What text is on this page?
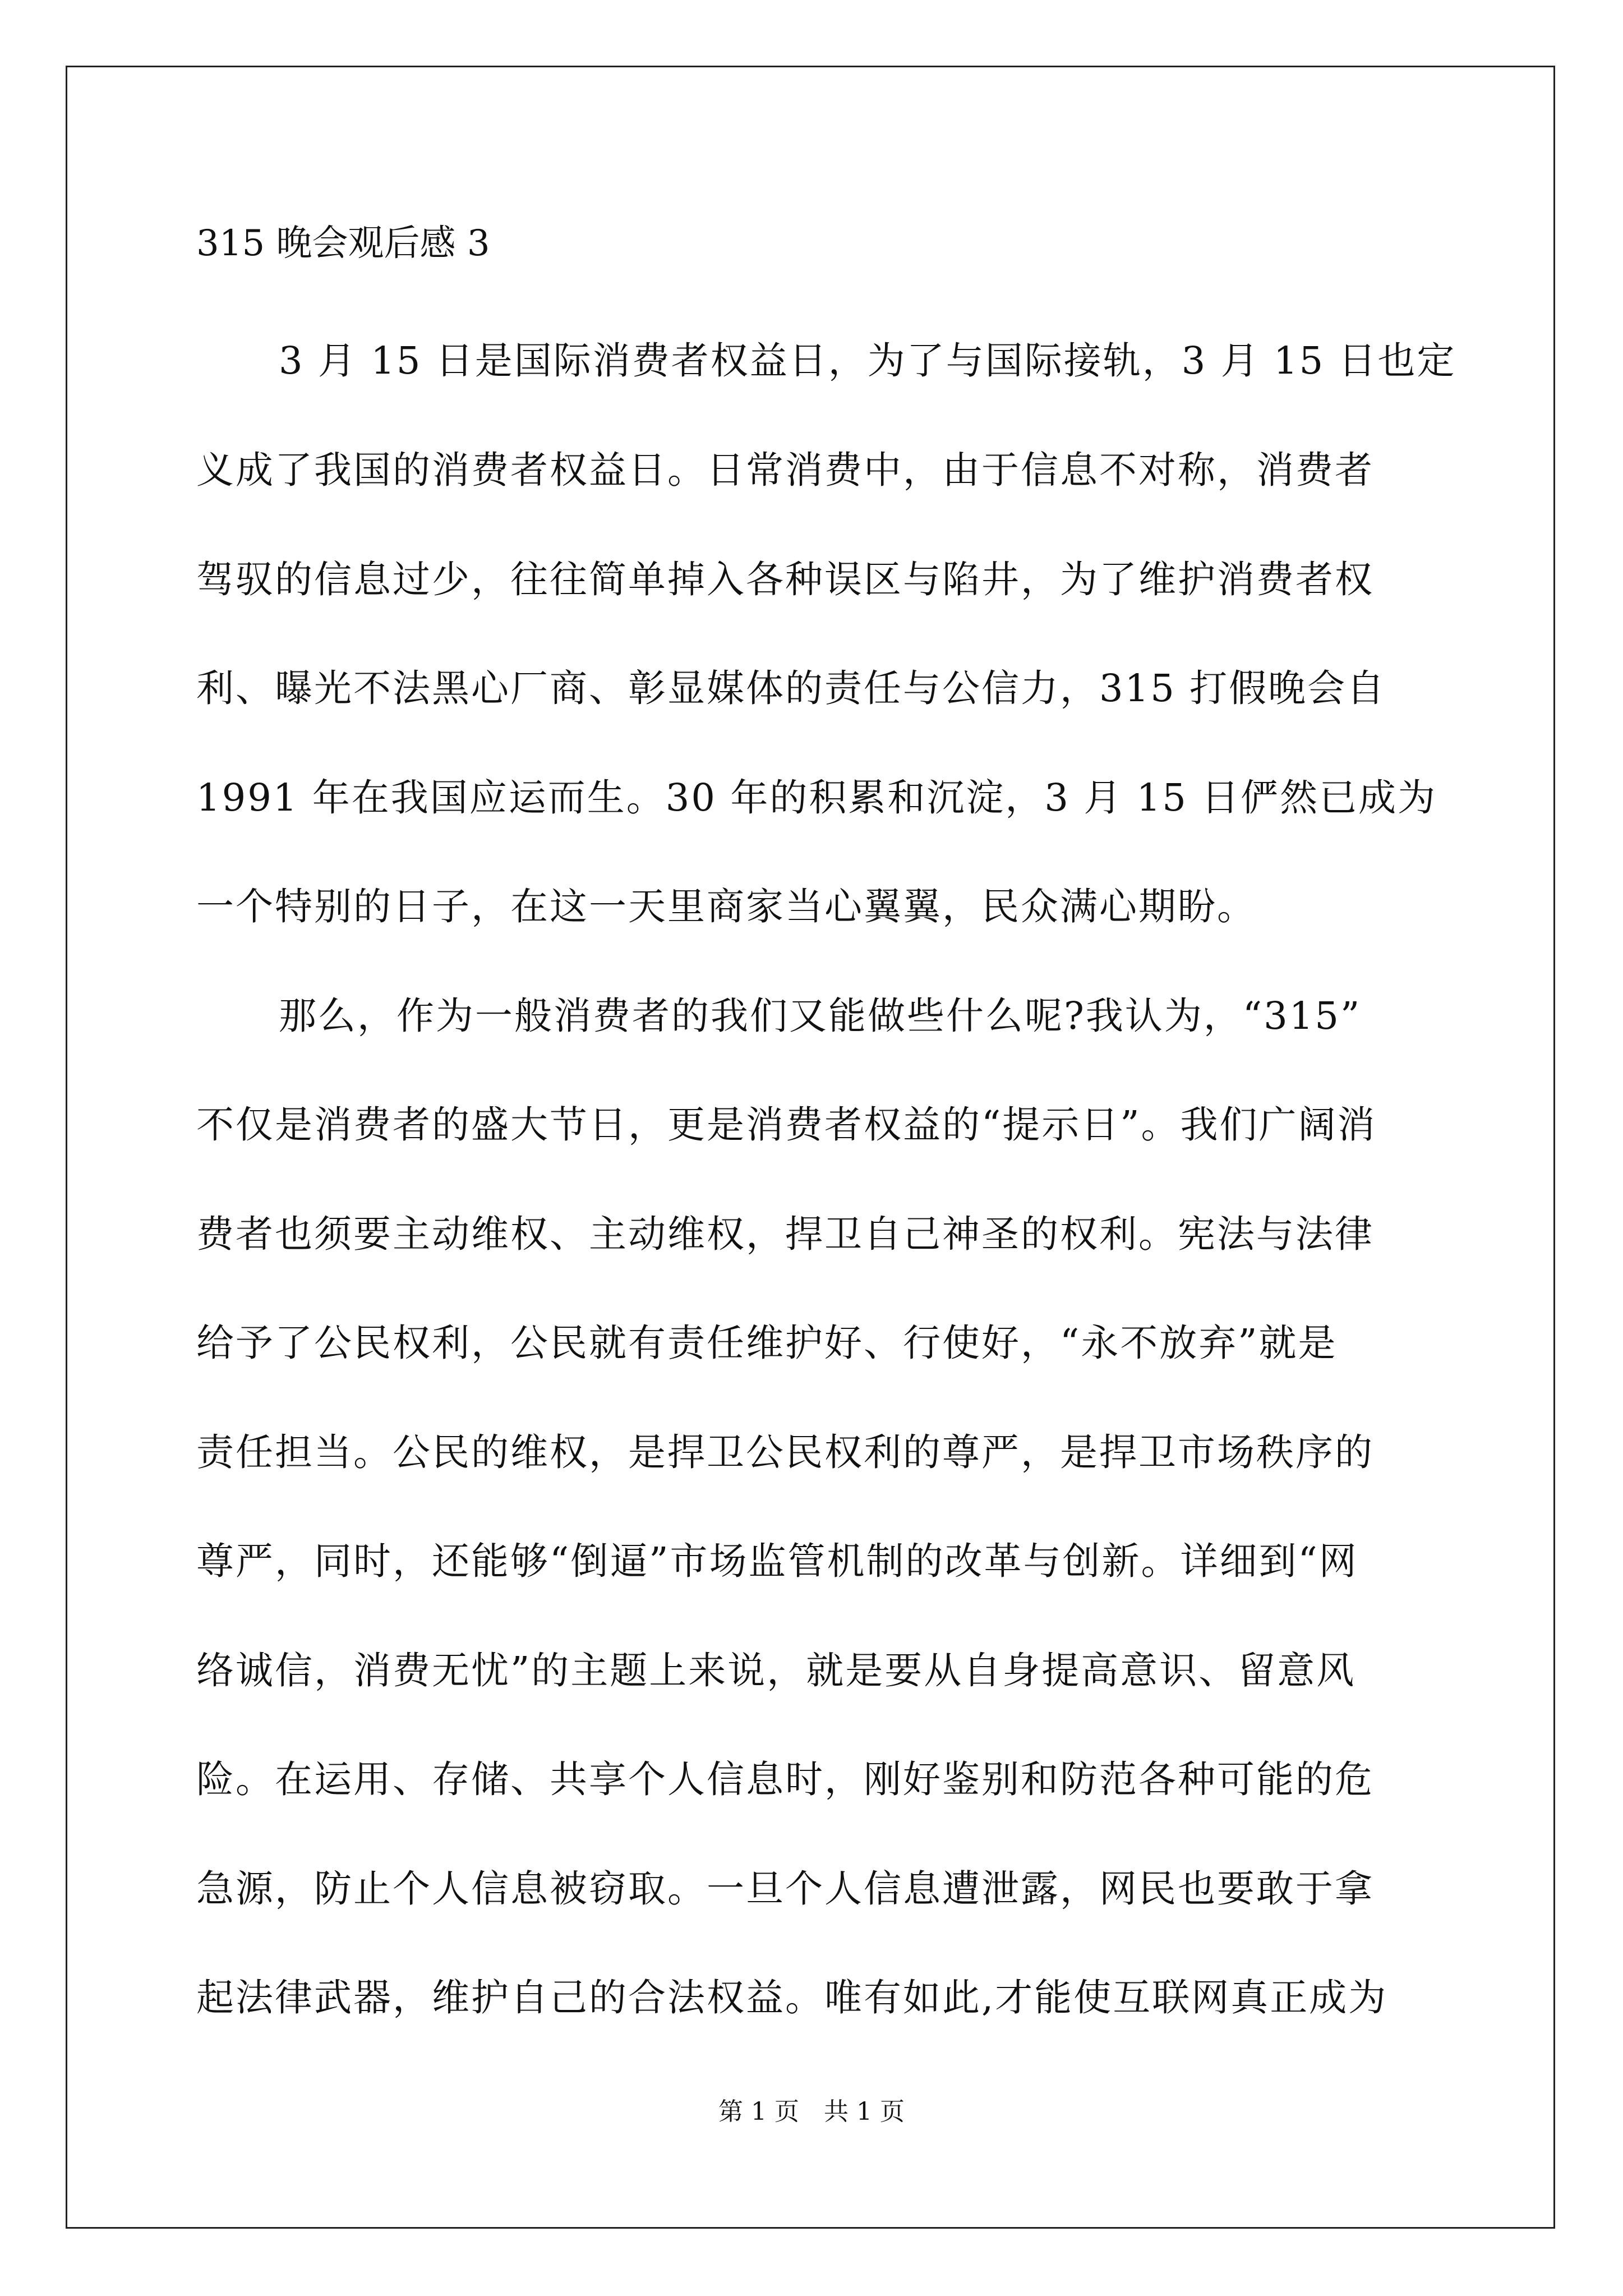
315 晚会观后感 3
3 月 15 日是国际消费者权益日，为了与国际接轨，3 月 15 日也定
义成了我国的消费者权益日。日常消费中，由于信息不对称，消费者
驾驭的信息过少，往往简单掉入各种误区与陷井，为了维护消费者权
利、曝光不法黑心厂商、彰显媒体的责任与公信力，315 打假晚会自
1991 年在我国应运而生。30 年的积累和沉淀，3 月 15 日俨然已成为
一个特别的日子，在这一天里商家当心翼翼，民众满心期盼。
那么，作为一般消费者的我们又能做些什么呢?我认为，“315”
不仅是消费者的盛大节日，更是消费者权益的“提示日”。我们广阔消
费者也须要主动维权、主动维权，捍卫自己神圣的权利。宪法与法律
给予了公民权利，公民就有责任维护好、行使好，“永不放弃”就是
责任担当。公民的维权，是捍卫公民权利的尊严，是捍卫市场秩序的
尊严，同时，还能够“倒逼”市场监管机制的改革与创新。详细到“网
络诚信，消费无忧”的主题上来说，就是要从自身提高意识、留意风
险。在运用、存储、共享个人信息时，刚好鉴别和防范各种可能的危
急源，防止个人信息被窃取。一旦个人信息遭泄露，网民也要敢于拿
起法律武器，维护自己的合法权益。唯有如此,才能使互联网真正成为
第 1 页　共 1 页
